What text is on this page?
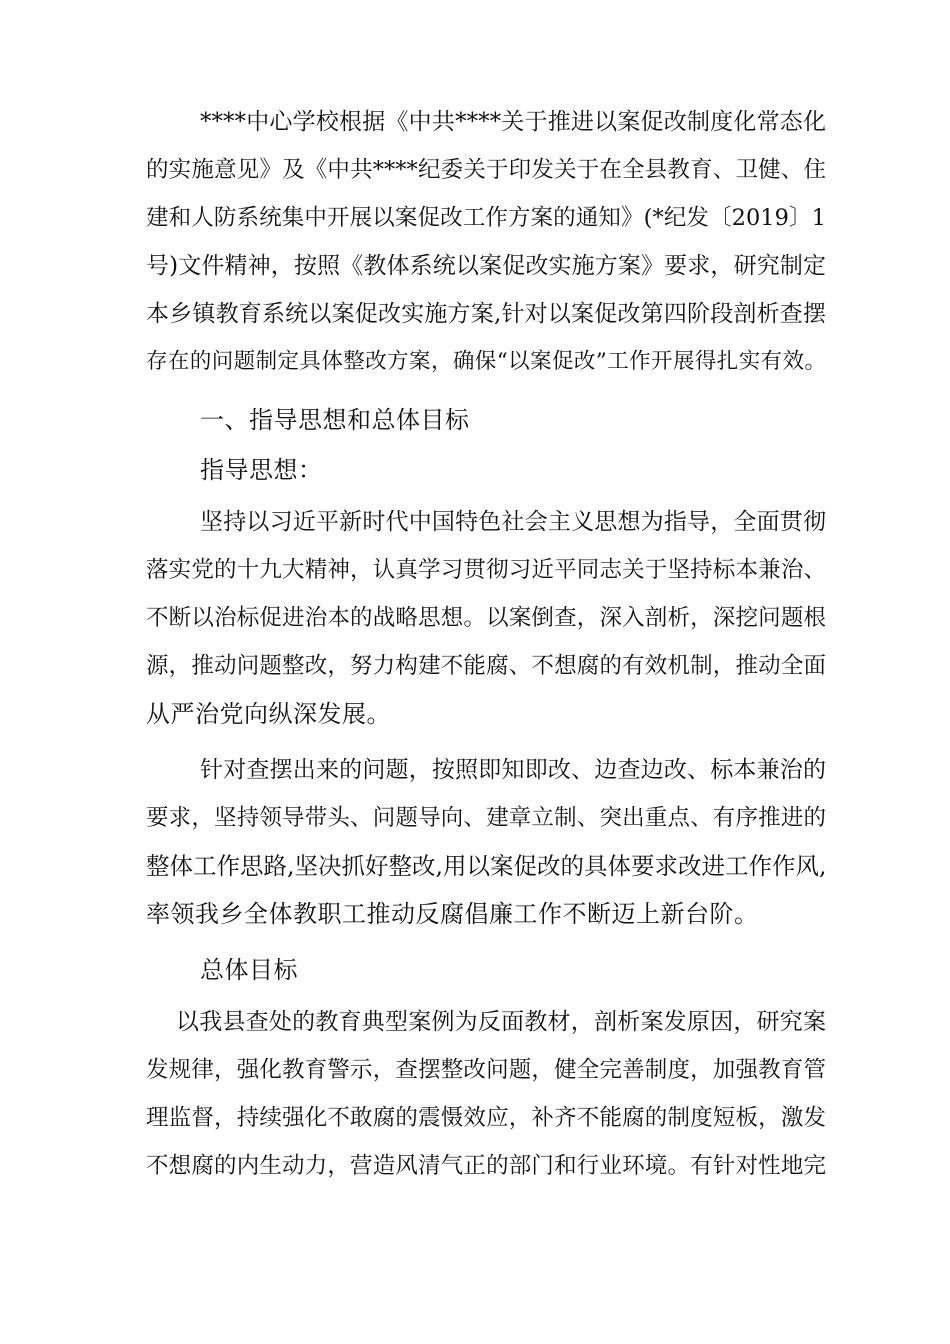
****中心学校根据《中共****关于推进以案促改制度化常态化
的实施意见》及《中共****纪委关于印发关于在全县教育、卫健、住
建和人防系统集中开展以案促改工作方案的通知》(*纪发〔2019〕1
号)文件精神，按照《教体系统以案促改实施方案》要求，研究制定
本乡镇教育系统以案促改实施方案,针对以案促改第四阶段剖析查摆
存在的问题制定具体整改方案，确保“以案促改”工作开展得扎实有效。
一、指导思想和总体目标
指导思想：
坚持以习近平新时代中国特色社会主义思想为指导，全面贯彻
落实党的十九大精神，认真学习贯彻习近平同志关于坚持标本兼治、
不断以治标促进治本的战略思想。以案倒查，深入剖析，深挖问题根
源，推动问题整改，努力构建不能腐、不想腐的有效机制，推动全面
从严治党向纵深发展。
针对查摆出来的问题，按照即知即改、边查边改、标本兼治的
要求，坚持领导带头、问题导向、建章立制、突出重点、有序推进的
整体工作思路,坚决抓好整改,用以案促改的具体要求改进工作作风,
率领我乡全体教职工推动反腐倡廉工作不断迈上新台阶。
总体目标
以我县查处的教育典型案例为反面教材，剖析案发原因，研究案
发规律，强化教育警示，查摆整改问题，健全完善制度，加强教育管
理监督，持续强化不敢腐的震慑效应，补齐不能腐的制度短板，激发
不想腐的内生动力，营造风清气正的部门和行业环境。有针对性地完
